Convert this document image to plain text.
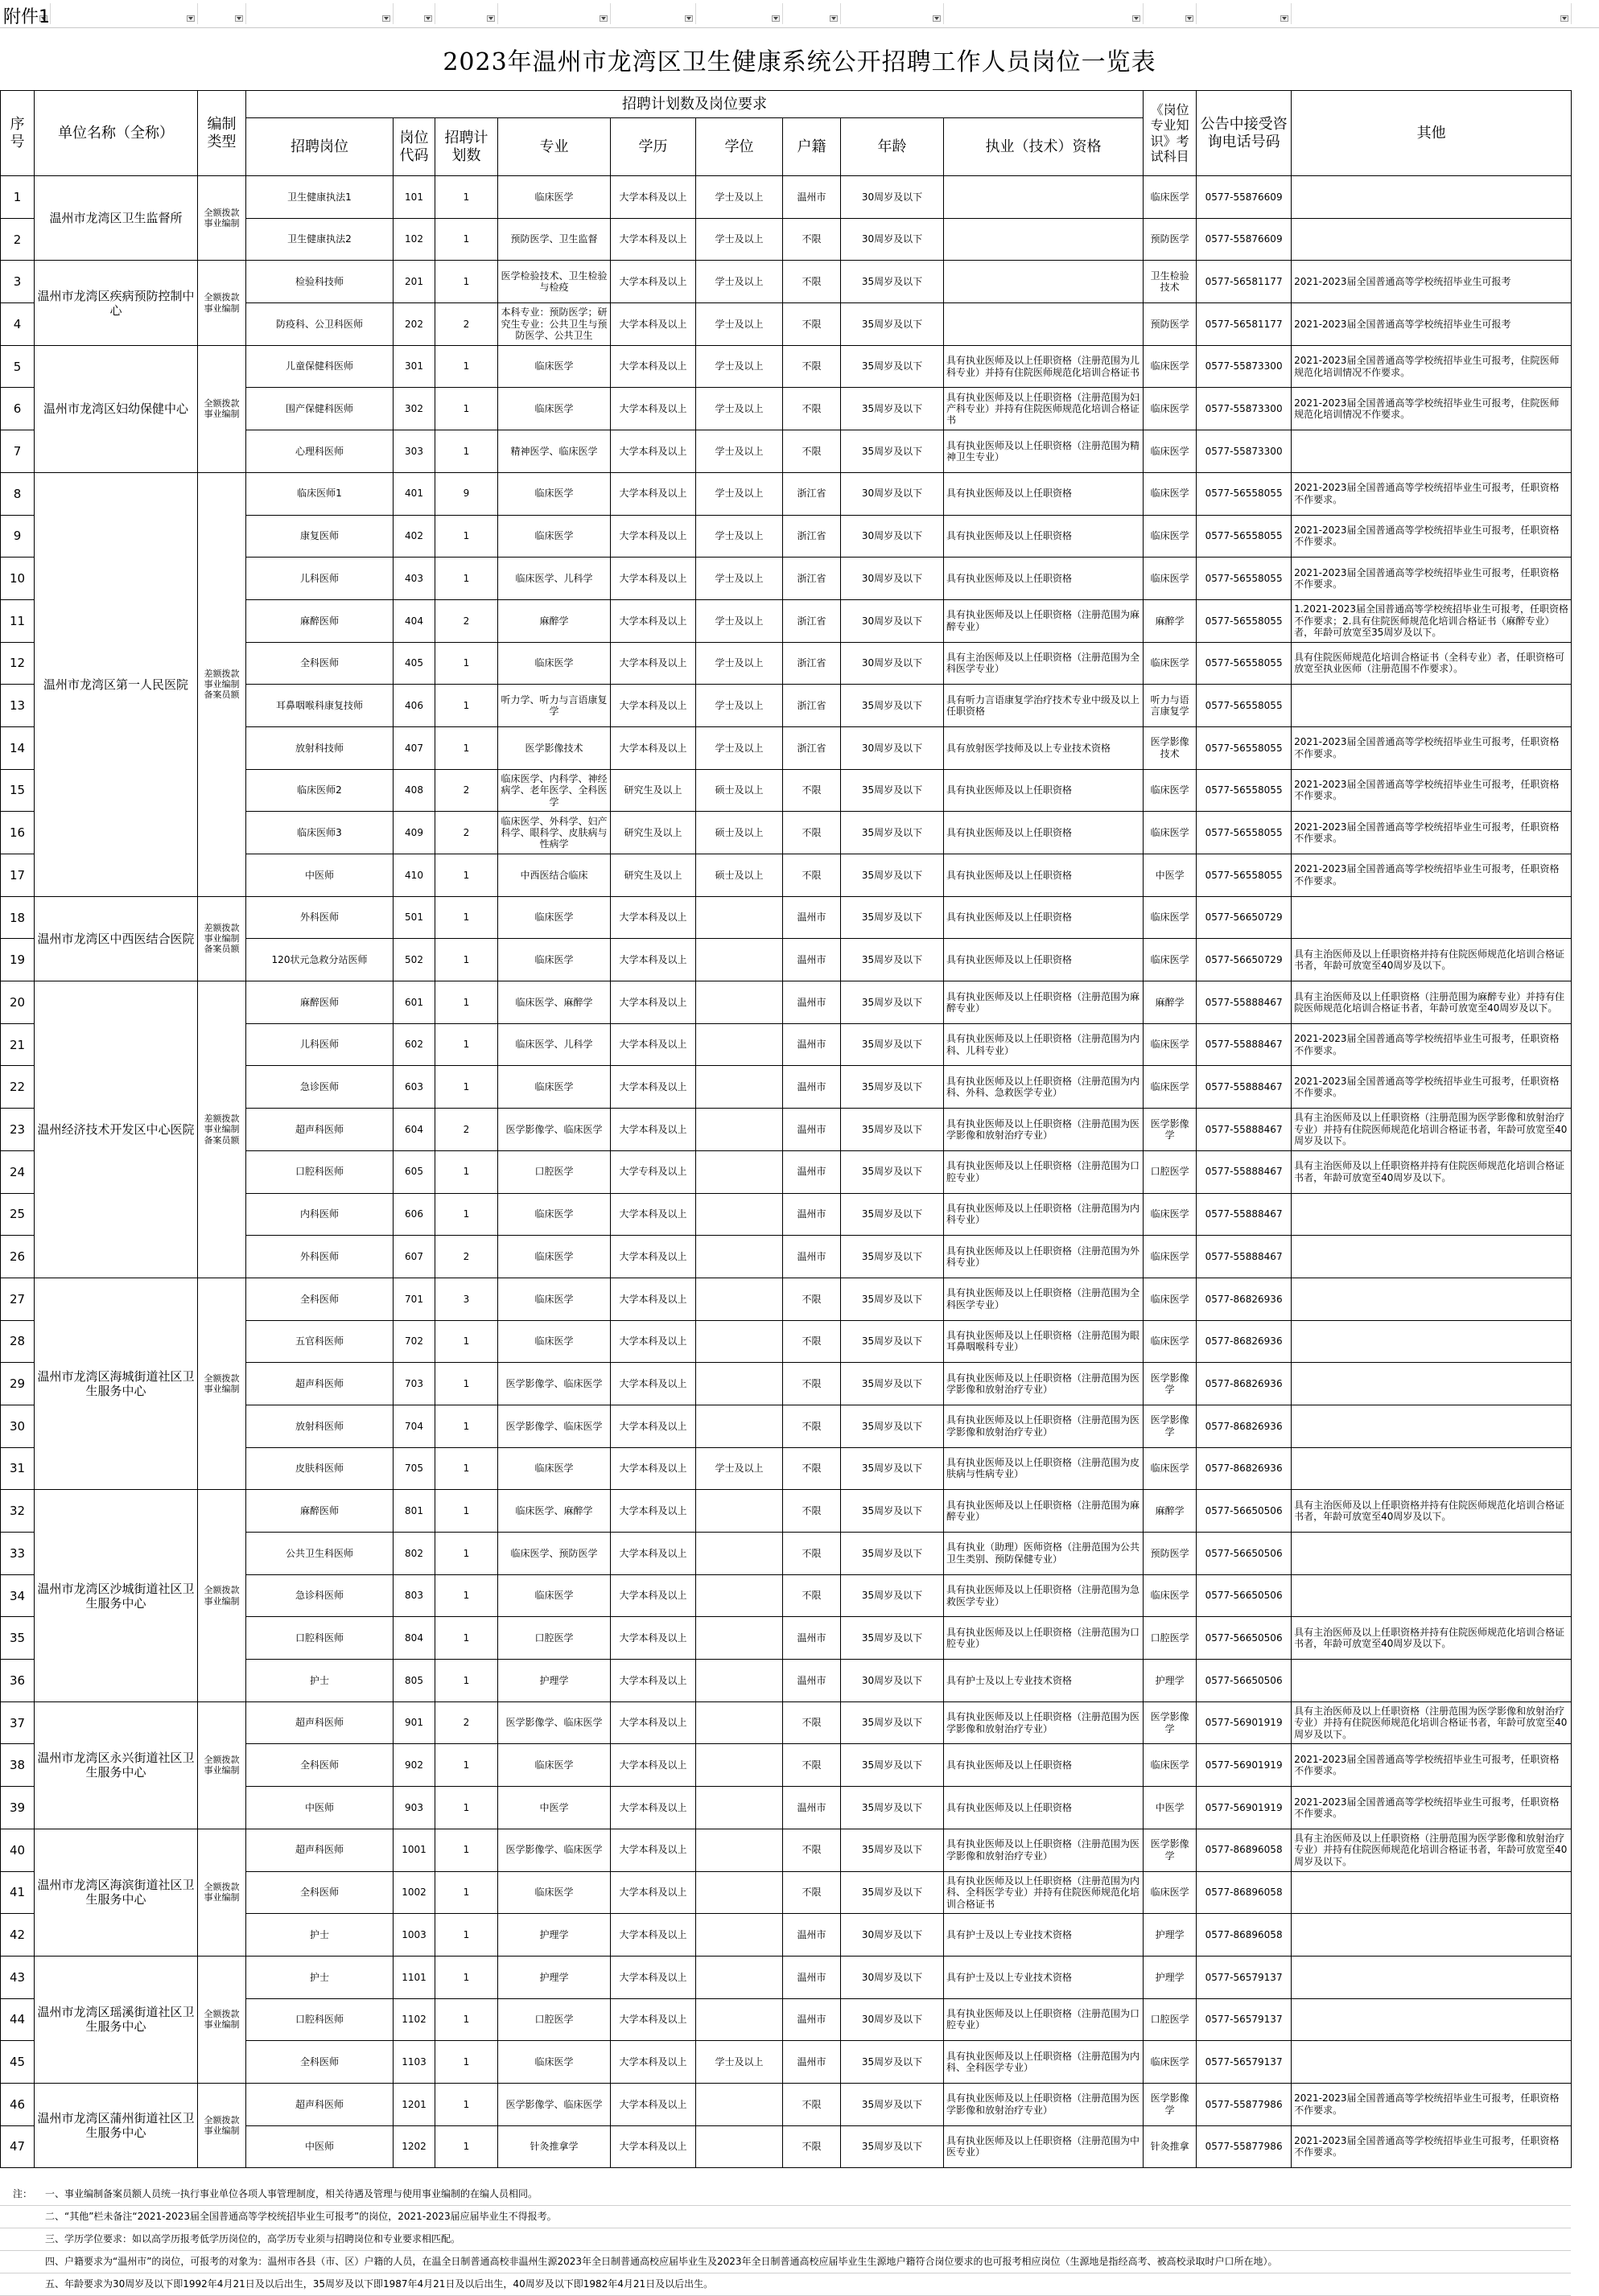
附件1
2023年温州市龙湾区卫生健康系统公开招聘工作人员岗位一览表
序号	单位名称（全称）	编制类型	招聘计划数及岗位要求									《岗位专业知识》考试科目	公告中接受咨询电话号码	其他
			招聘岗位	岗位代码	招聘计划数	专业	学历	学位	户籍	年龄	执业（技术）资格			
1	温州市龙湾区卫生监督所	全额拨款事业编制	卫生健康执法1	101	1	临床医学	大学本科及以上	学士及以上	温州市	30周岁及以下		临床医学	0577-55876609	
2			卫生健康执法2	102	1	预防医学、卫生监督	大学本科及以上	学士及以上	不限	30周岁及以下		预防医学	0577-55876609	
3	温州市龙湾区疾病预防控制中心	全额拨款事业编制	检验科技师	201	1	医学检验技术、卫生检验与检疫	大学本科及以上	学士及以上	不限	35周岁及以下		卫生检验技术	0577-56581177	2021-2023届全国普通高等学校统招毕业生可报考
4			防疫科、公卫科医师	202	2	本科专业：预防医学；研究生专业：公共卫生与预防医学、公共卫生	大学本科及以上	学士及以上	不限	35周岁及以下		预防医学	0577-56581177	2021-2023届全国普通高等学校统招毕业生可报考
5	温州市龙湾区妇幼保健中心	全额拨款事业编制	儿童保健科医师	301	1	临床医学	大学本科及以上	学士及以上	不限	35周岁及以下	具有执业医师及以上任职资格（注册范围为儿科专业）并持有住院医师规范化培训合格证书	临床医学	0577-55873300	2021-2023届全国普通高等学校统招毕业生可报考，住院医师规范化培训情况不作要求。
6			围产保健科医师	302	1	临床医学	大学本科及以上	学士及以上	不限	35周岁及以下	具有执业医师及以上任职资格（注册范围为妇产科专业）并持有住院医师规范化培训合格证书	临床医学	0577-55873300	2021-2023届全国普通高等学校统招毕业生可报考，住院医师规范化培训情况不作要求。
7			心理科医师	303	1	精神医学、临床医学	大学本科及以上	学士及以上	不限	35周岁及以下	具有执业医师及以上任职资格（注册范围为精神卫生专业）	临床医学	0577-55873300	
8	温州市龙湾区第一人民医院	差额拨款事业编制备案员额	临床医师1	401	9	临床医学	大学本科及以上	学士及以上	浙江省	30周岁及以下	具有执业医师及以上任职资格	临床医学	0577-56558055	2021-2023届全国普通高等学校统招毕业生可报考，任职资格不作要求。
9			康复医师	402	1	临床医学	大学本科及以上	学士及以上	浙江省	30周岁及以下	具有执业医师及以上任职资格	临床医学	0577-56558055	2021-2023届全国普通高等学校统招毕业生可报考，任职资格不作要求。
10			儿科医师	403	1	临床医学、儿科学	大学本科及以上	学士及以上	浙江省	30周岁及以下	具有执业医师及以上任职资格	临床医学	0577-56558055	2021-2023届全国普通高等学校统招毕业生可报考，任职资格不作要求。
11			麻醉医师	404	2	麻醉学	大学本科及以上	学士及以上	浙江省	30周岁及以下	具有执业医师及以上任职资格（注册范围为麻醉专业）	麻醉学	0577-56558055	1.2021-2023届全国普通高等学校统招毕业生可报考，任职资格不作要求；2.具有住院医师规范化培训合格证书（麻醉专业）者，年龄可放宽至35周岁及以下。
12			全科医师	405	1	临床医学	大学本科及以上	学士及以上	浙江省	30周岁及以下	具有主治医师及以上任职资格（注册范围为全科医学专业）	临床医学	0577-56558055	具有住院医师规范化培训合格证书（全科专业）者，任职资格可放宽至执业医师（注册范围不作要求）。
13			耳鼻咽喉科康复技师	406	1	听力学、听力与言语康复学	大学本科及以上	学士及以上	浙江省	35周岁及以下	具有听力言语康复学治疗技术专业中级及以上任职资格	听力与语言康复学	0577-56558055	
14			放射科技师	407	1	医学影像技术	大学本科及以上	学士及以上	浙江省	30周岁及以下	具有放射医学技师及以上专业技术资格	医学影像技术	0577-56558055	2021-2023届全国普通高等学校统招毕业生可报考，任职资格不作要求。
15			临床医师2	408	2	临床医学、内科学、神经病学、老年医学、全科医学	研究生及以上	硕士及以上	不限	35周岁及以下	具有执业医师及以上任职资格	临床医学	0577-56558055	2021-2023届全国普通高等学校统招毕业生可报考，任职资格不作要求。
16			临床医师3	409	2	临床医学、外科学、妇产科学、眼科学、皮肤病与性病学	研究生及以上	硕士及以上	不限	35周岁及以下	具有执业医师及以上任职资格	临床医学	0577-56558055	2021-2023届全国普通高等学校统招毕业生可报考，任职资格不作要求。
17			中医师	410	1	中西医结合临床	研究生及以上	硕士及以上	不限	35周岁及以下	具有执业医师及以上任职资格	中医学	0577-56558055	2021-2023届全国普通高等学校统招毕业生可报考，任职资格不作要求。
18	温州市龙湾区中西医结合医院	差额拨款事业编制备案员额	外科医师	501	1	临床医学	大学本科及以上		温州市	35周岁及以下	具有执业医师及以上任职资格	临床医学	0577-56650729	
19			120状元急救分站医师	502	1	临床医学	大学本科及以上		温州市	35周岁及以下	具有执业医师及以上任职资格	临床医学	0577-56650729	具有主治医师及以上任职资格并持有住院医师规范化培训合格证书者，年龄可放宽至40周岁及以下。
20	温州经济技术开发区中心医院	差额拨款事业编制备案员额	麻醉医师	601	1	临床医学、麻醉学	大学本科及以上		温州市	35周岁及以下	具有执业医师及以上任职资格（注册范围为麻醉专业）	麻醉学	0577-55888467	具有主治医师及以上任职资格（注册范围为麻醉专业）并持有住院医师规范化培训合格证书者，年龄可放宽至40周岁及以下。
21			儿科医师	602	1	临床医学、儿科学	大学本科及以上		温州市	35周岁及以下	具有执业医师及以上任职资格（注册范围为内科、儿科专业）	临床医学	0577-55888467	2021-2023届全国普通高等学校统招毕业生可报考，任职资格不作要求。
22			急诊医师	603	1	临床医学	大学本科及以上		温州市	35周岁及以下	具有执业医师及以上任职资格（注册范围为内科、外科、急救医学专业）	临床医学	0577-55888467	2021-2023届全国普通高等学校统招毕业生可报考，任职资格不作要求。
23			超声科医师	604	2	医学影像学、临床医学	大学本科及以上		温州市	35周岁及以下	具有执业医师及以上任职资格（注册范围为医学影像和放射治疗专业）	医学影像学	0577-55888467	具有主治医师及以上任职资格（注册范围为医学影像和放射治疗专业）并持有住院医师规范化培训合格证书者，年龄可放宽至40周岁及以下。
24			口腔科医师	605	1	口腔医学	大学专科及以上		温州市	35周岁及以下	具有执业医师及以上任职资格（注册范围为口腔专业）	口腔医学	0577-55888467	具有主治医师及以上任职资格并持有住院医师规范化培训合格证书者，年龄可放宽至40周岁及以下。
25			内科医师	606	1	临床医学	大学本科及以上		温州市	35周岁及以下	具有执业医师及以上任职资格（注册范围为内科专业）	临床医学	0577-55888467	
26			外科医师	607	2	临床医学	大学本科及以上		温州市	35周岁及以下	具有执业医师及以上任职资格（注册范围为外科专业）	临床医学	0577-55888467	
27	温州市龙湾区海城街道社区卫生服务中心	全额拨款事业编制	全科医师	701	3	临床医学	大学本科及以上		不限	35周岁及以下	具有执业医师及以上任职资格（注册范围为全科医学专业）	临床医学	0577-86826936	
28			五官科医师	702	1	临床医学	大学本科及以上		不限	35周岁及以下	具有执业医师及以上任职资格（注册范围为眼耳鼻咽喉科专业）	临床医学	0577-86826936	
29			超声科医师	703	1	医学影像学、临床医学	大学本科及以上		不限	35周岁及以下	具有执业医师及以上任职资格（注册范围为医学影像和放射治疗专业）	医学影像学	0577-86826936	
30			放射科医师	704	1	医学影像学、临床医学	大学本科及以上		不限	35周岁及以下	具有执业医师及以上任职资格（注册范围为医学影像和放射治疗专业）	医学影像学	0577-86826936	
31			皮肤科医师	705	1	临床医学	大学本科及以上	学士及以上	不限	35周岁及以下	具有执业医师及以上任职资格（注册范围为皮肤病与性病专业）	临床医学	0577-86826936	
32	温州市龙湾区沙城街道社区卫生服务中心	全额拨款事业编制	麻醉医师	801	1	临床医学、麻醉学	大学本科及以上		不限	35周岁及以下	具有执业医师及以上任职资格（注册范围为麻醉专业）	麻醉学	0577-56650506	具有主治医师及以上任职资格并持有住院医师规范化培训合格证书者，年龄可放宽至40周岁及以下。
33			公共卫生科医师	802	1	临床医学、预防医学	大学本科及以上		不限	35周岁及以下	具有执业（助理）医师资格（注册范围为公共卫生类别、预防保健专业）	预防医学	0577-56650506	
34			急诊科医师	803	1	临床医学	大学本科及以上		不限	35周岁及以下	具有执业医师及以上任职资格（注册范围为急救医学专业）	临床医学	0577-56650506	
35			口腔科医师	804	1	口腔医学	大学本科及以上		温州市	35周岁及以下	具有执业医师及以上任职资格（注册范围为口腔专业）	口腔医学	0577-56650506	具有主治医师及以上任职资格并持有住院医师规范化培训合格证书者，年龄可放宽至40周岁及以下。
36			护士	805	1	护理学	大学本科及以上		温州市	30周岁及以下	具有护士及以上专业技术资格	护理学	0577-56650506	
37	温州市龙湾区永兴街道社区卫生服务中心	全额拨款事业编制	超声科医师	901	2	医学影像学、临床医学	大学本科及以上		不限	35周岁及以下	具有执业医师及以上任职资格（注册范围为医学影像和放射治疗专业）	医学影像学	0577-56901919	具有主治医师及以上任职资格（注册范围为医学影像和放射治疗专业）并持有住院医师规范化培训合格证书者，年龄可放宽至40周岁及以下。
38			全科医师	902	1	临床医学	大学本科及以上		不限	35周岁及以下	具有执业医师及以上任职资格	临床医学	0577-56901919	2021-2023届全国普通高等学校统招毕业生可报考，任职资格不作要求。
39			中医师	903	1	中医学	大学本科及以上		温州市	35周岁及以下	具有执业医师及以上任职资格	中医学	0577-56901919	2021-2023届全国普通高等学校统招毕业生可报考，任职资格不作要求。
40	温州市龙湾区海滨街道社区卫生服务中心	全额拨款事业编制	超声科医师	1001	1	医学影像学、临床医学	大学本科及以上		不限	35周岁及以下	具有执业医师及以上任职资格（注册范围为医学影像和放射治疗专业）	医学影像学	0577-86896058	具有主治医师及以上任职资格（注册范围为医学影像和放射治疗专业）并持有住院医师规范化培训合格证书者，年龄可放宽至40周岁及以下。
41			全科医师	1002	1	临床医学	大学本科及以上		不限	35周岁及以下	具有执业医师及以上任职资格（注册范围为内科、全科医学专业）并持有住院医师规范化培训合格证书	临床医学	0577-86896058	
42			护士	1003	1	护理学	大学本科及以上		温州市	30周岁及以下	具有护士及以上专业技术资格	护理学	0577-86896058	
43	温州市龙湾区瑶溪街道社区卫生服务中心	全额拨款事业编制	护士	1101	1	护理学	大学本科及以上		温州市	30周岁及以下	具有护士及以上专业技术资格	护理学	0577-56579137	
44			口腔科医师	1102	1	口腔医学	大学本科及以上		温州市	30周岁及以下	具有执业医师及以上任职资格（注册范围为口腔专业）	口腔医学	0577-56579137	
45			全科医师	1103	1	临床医学	大学本科及以上	学士及以上	温州市	35周岁及以下	具有执业医师及以上任职资格（注册范围为内科、全科医学专业）	临床医学	0577-56579137	
46	温州市龙湾区蒲州街道社区卫生服务中心	全额拨款事业编制	超声科医师	1201	1	医学影像学、临床医学	大学本科及以上		不限	35周岁及以下	具有执业医师及以上任职资格（注册范围为医学影像和放射治疗专业）	医学影像学	0577-55877986	2021-2023届全国普通高等学校统招毕业生可报考，任职资格不作要求。
47			中医师	1202	1	针灸推拿学	大学本科及以上		不限	35周岁及以下	具有执业医师及以上任职资格（注册范围为中医专业）	针灸推拿	0577-55877986	2021-2023届全国普通高等学校统招毕业生可报考，任职资格不作要求。
注： 一、事业编制备案员额人员统一执行事业单位各项人事管理制度，相关待遇及管理与使用事业编制的在编人员相同。
二、“其他”栏未备注“2021-2023届全国普通高等学校统招毕业生可报考”的岗位，2021-2023届应届毕业生不得报考。
三、学历学位要求：如以高学历报考低学历岗位的，高学历专业须与招聘岗位和专业要求相匹配。
四、户籍要求为“温州市”的岗位，可报考的对象为：温州市各县（市、区）户籍的人员，在温全日制普通高校非温州生源2023年全日制普通高校应届毕业生及2023年全日制普通高校应届毕业生生源地户籍符合岗位要求的也可报考相应岗位（生源地是指经高考、被高校录取时户口所在地）。
五、年龄要求为30周岁及以下即1992年4月21日及以后出生，35周岁及以下即1987年4月21日及以后出生，40周岁及以下即1982年4月21日及以后出生。
